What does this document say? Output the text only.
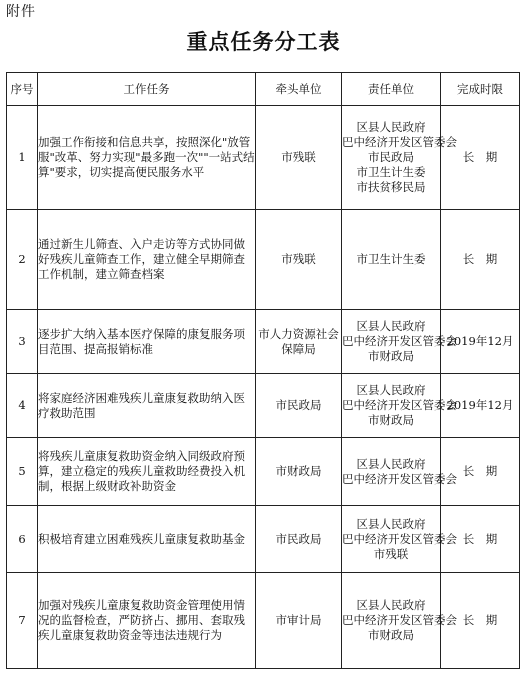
附件
重点任务分工表
序号	工作任务	牵头单位	责任单位	完成时限
1	加强工作衔接和信息共享，按照深化"放管服"改革、努力实现"最多跑一次""一站式结算"要求，切实提高便民服务水平	市残联	区县人民政府
巴中经济开发区管委会
市民政局
市卫生计生委
市扶贫移民局	长　期
2	通过新生儿筛查、入户走访等方式协同做好残疾儿童筛查工作，建立健全早期筛查工作机制，建立筛查档案	市残联	市卫生计生委	长　期
3	逐步扩大纳入基本医疗保障的康复服务项目范围、提高报销标准	市人力资源社会保障局	区县人民政府
巴中经济开发区管委会
市财政局	2019年12月
4	将家庭经济困难残疾儿童康复救助纳入医疗救助范围	市民政局	区县人民政府
巴中经济开发区管委会
市财政局	2019年12月
5	将残疾儿童康复救助资金纳入同级政府预算，建立稳定的残疾儿童救助经费投入机制，根据上级财政补助资金	市财政局	区县人民政府
巴中经济开发区管委会	长　期
6	积极培育建立困难残疾儿童康复救助基金	市民政局	区县人民政府
巴中经济开发区管委会
市残联	长　期
7	加强对残疾儿童康复救助资金管理使用情况的监督检查，严防挤占、挪用、套取残疾儿童康复救助资金等违法违规行为	市审计局	区县人民政府
巴中经济开发区管委会
市财政局	长　期
